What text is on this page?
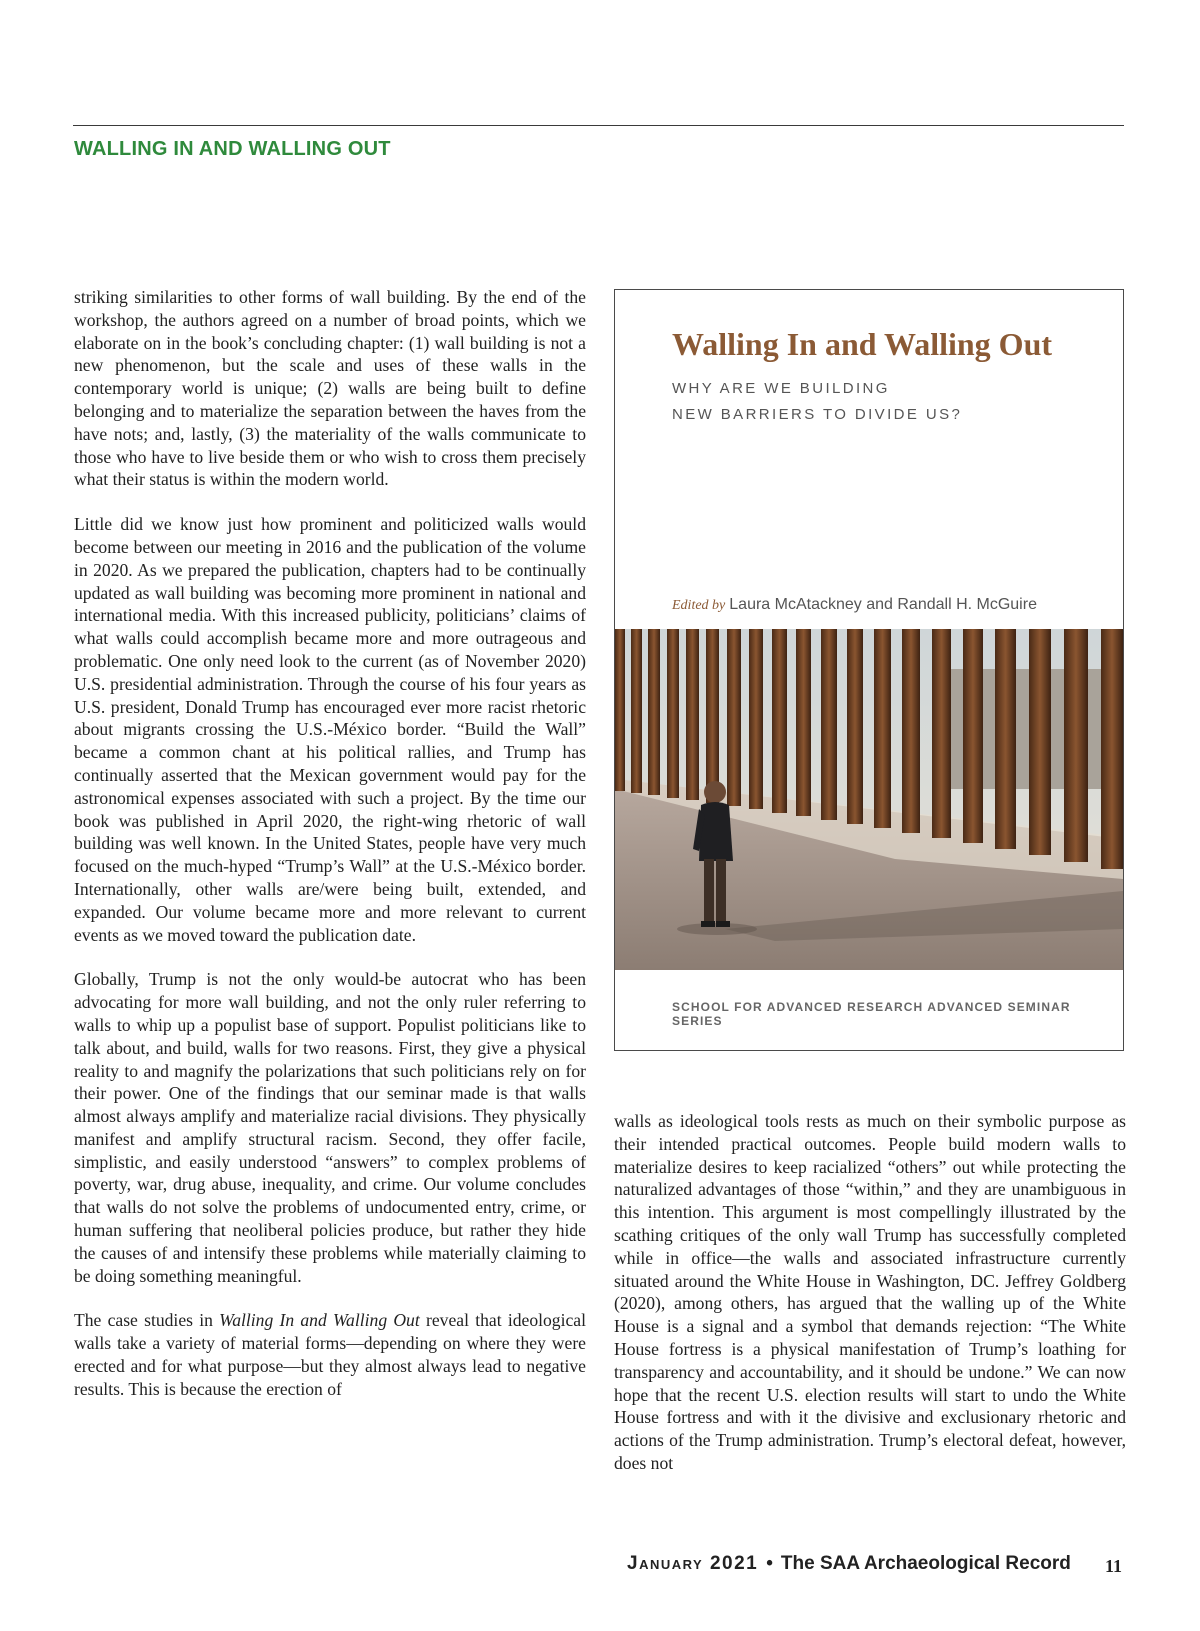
WALLING IN AND WALLING OUT

striking similarities to other forms of wall building. By the end of the workshop, the authors agreed on a number of broad points, which we elaborate on in the book’s concluding chapter: (1) wall building is not a new phenomenon, but the scale and uses of these walls in the contemporary world is unique; (2) walls are being built to define belonging and to materialize the separation between the haves from the have nots; and, lastly, (3) the materiality of the walls communicate to those who have to live beside them or who wish to cross them precisely what their status is within the modern world.

Little did we know just how prominent and politicized walls would become between our meeting in 2016 and the publication of the volume in 2020. As we prepared the publication, chapters had to be continually updated as wall building was becoming more prominent in national and international media. With this increased publicity, politicians’ claims of what walls could accomplish became more and more outrageous and problematic. One only need look to the current (as of November 2020) U.S. presidential administration. Through the course of his four years as U.S. president, Donald Trump has encouraged ever more racist rhetoric about migrants crossing the U.S.-México border. “Build the Wall” became a common chant at his political rallies, and Trump has continually asserted that the Mexican government would pay for the astronomical expenses associated with such a project. By the time our book was published in April 2020, the right-wing rhetoric of wall building was well known. In the United States, people have very much focused on the much-hyped “Trump’s Wall” at the U.S.-México border. Internationally, other walls are/were being built, extended, and expanded. Our volume became more and more relevant to current events as we moved toward the publication date.

Globally, Trump is not the only would-be autocrat who has been advocating for more wall building, and not the only ruler referring to walls to whip up a populist base of support. Populist politicians like to talk about, and build, walls for two reasons. First, they give a physical reality to and magnify the polarizations that such politicians rely on for their power. One of the findings that our seminar made is that walls almost always amplify and materialize racial divisions. They physically manifest and amplify structural racism. Second, they offer facile, simplistic, and easily understood “answers” to complex problems of poverty, war, drug abuse, inequality, and crime. Our volume concludes that walls do not solve the problems of undocumented entry, crime, or human suffering that neoliberal policies produce, but rather they hide the causes of and intensify these problems while materially claiming to be doing something meaningful.

The case studies in Walling In and Walling Out reveal that ideological walls take a variety of material forms—depending on where they were erected and for what purpose—but they almost always lead to negative results. This is because the erection of

Walling In and Walling Out
WHY ARE WE BUILDING
NEW BARRIERS TO DIVIDE US?
Edited by Laura McAtackney and Randall H. McGuire
SCHOOL FOR ADVANCED RESEARCH ADVANCED SEMINAR SERIES

walls as ideological tools rests as much on their symbolic purpose as their intended practical outcomes. People build modern walls to materialize desires to keep racialized “others” out while protecting the naturalized advantages of those “within,” and they are unambiguous in this intention. This argument is most compellingly illustrated by the scathing critiques of the only wall Trump has successfully completed while in office—the walls and associated infrastructure currently situated around the White House in Washington, DC. Jeffrey Goldberg (2020), among others, has argued that the walling up of the White House is a signal and a symbol that demands rejection: “The White House fortress is a physical manifestation of Trump’s loathing for transparency and accountability, and it should be undone.” We can now hope that the recent U.S. election results will start to undo the White House fortress and with it the divisive and exclusionary rhetoric and actions of the Trump administration. Trump’s electoral defeat, however, does not

January 2021 • The SAA Archaeological Record 11
